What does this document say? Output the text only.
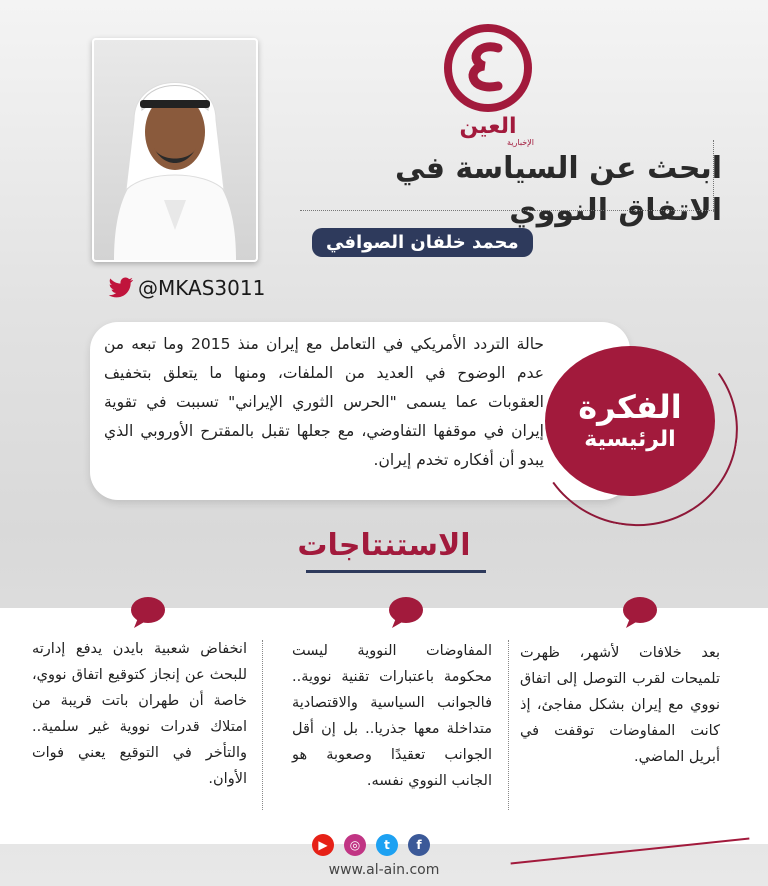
@MKAS3011
العين
الإخبارية
ابحث عن السياسة في
الاتفاق النووي
محمد خلفان الصوافي
حالة التردد الأمريكي في التعامل مع إيران منذ 2015 وما تبعه من عدم الوضوح في العديد من الملفات، ومنها ما يتعلق بتخفيف العقوبات عما يسمى "الحرس الثوري الإيراني" تسببت في تقوية إيران في موقفها التفاوضي، مع جعلها تقبل بالمقترح الأوروبي الذي يبدو أن أفكاره تخدم إيران.
الفكرة
الرئيسية
الاستنتاجات
بعد خلافات لأشهر، ظهرت تلميحات لقرب التوصل إلى اتفاق نووي مع إيران بشكل مفاجئ، إذ كانت المفاوضات توقفت في أبريل الماضي.
المفاوضات النووية ليست محكومة باعتبارات تقنية نووية.. فالجوانب السياسية والاقتصادية متداخلة معها جذريا.. بل إن أقل الجوانب تعقيدًا وصعوبة هو الجانب النووي نفسه.
انخفاض شعبية بايدن يدفع إدارته للبحث عن إنجاز كتوقيع اتفاق نووي، خاصة أن طهران باتت قريبة من امتلاك قدرات نووية غير سلمية.. والتأخر في التوقيع يعني فوات الأوان.
▶	◎	t	f
www.al-ain.com
